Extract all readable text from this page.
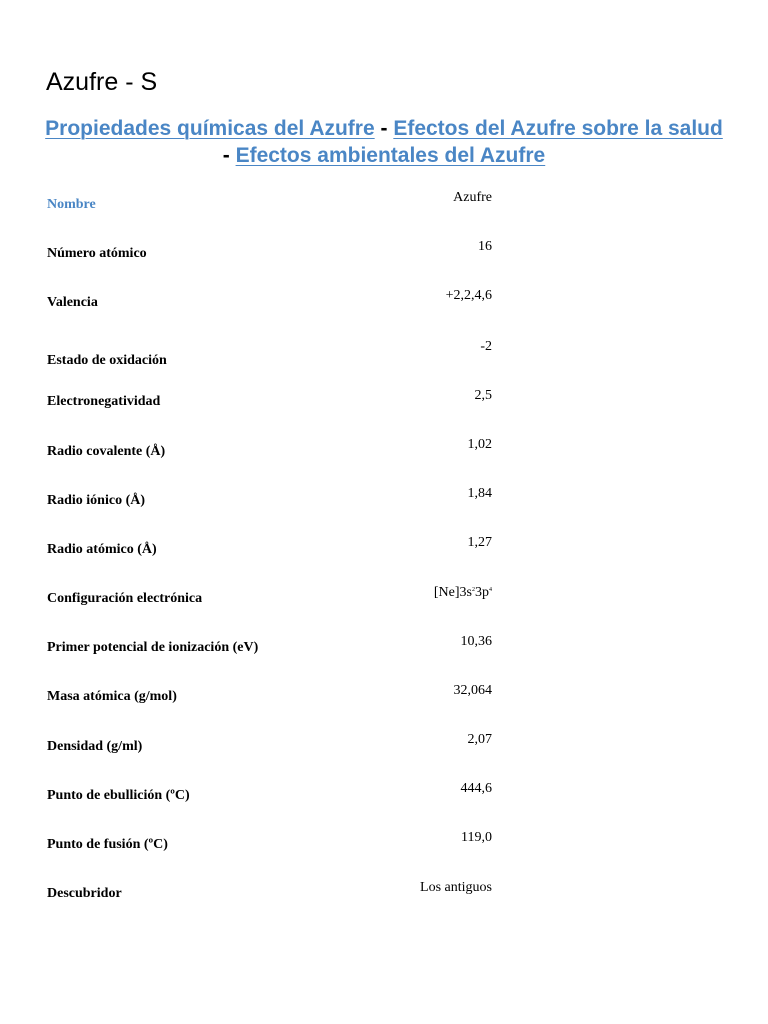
Azufre - S
Propiedades químicas del Azufre - Efectos del Azufre sobre la salud - Efectos ambientales del Azufre
Nombre	Azufre
Número atómico	16
Valencia	+2,2,4,6
Estado de oxidación	-2
Electronegatividad	2,5
Radio covalente (Å)	1,02
Radio iónico (Å)	1,84
Radio atómico (Å)	1,27
Configuración electrónica	$[Ne]3s^23p^4$
Primer potencial de ionización (eV)	10,36
Masa atómica (g/mol)	32,064
Densidad (g/ml)	2,07
Punto de ebullición (ºC)	444,6
Punto de fusión (ºC)	119,0
Descubridor	Los antiguos
